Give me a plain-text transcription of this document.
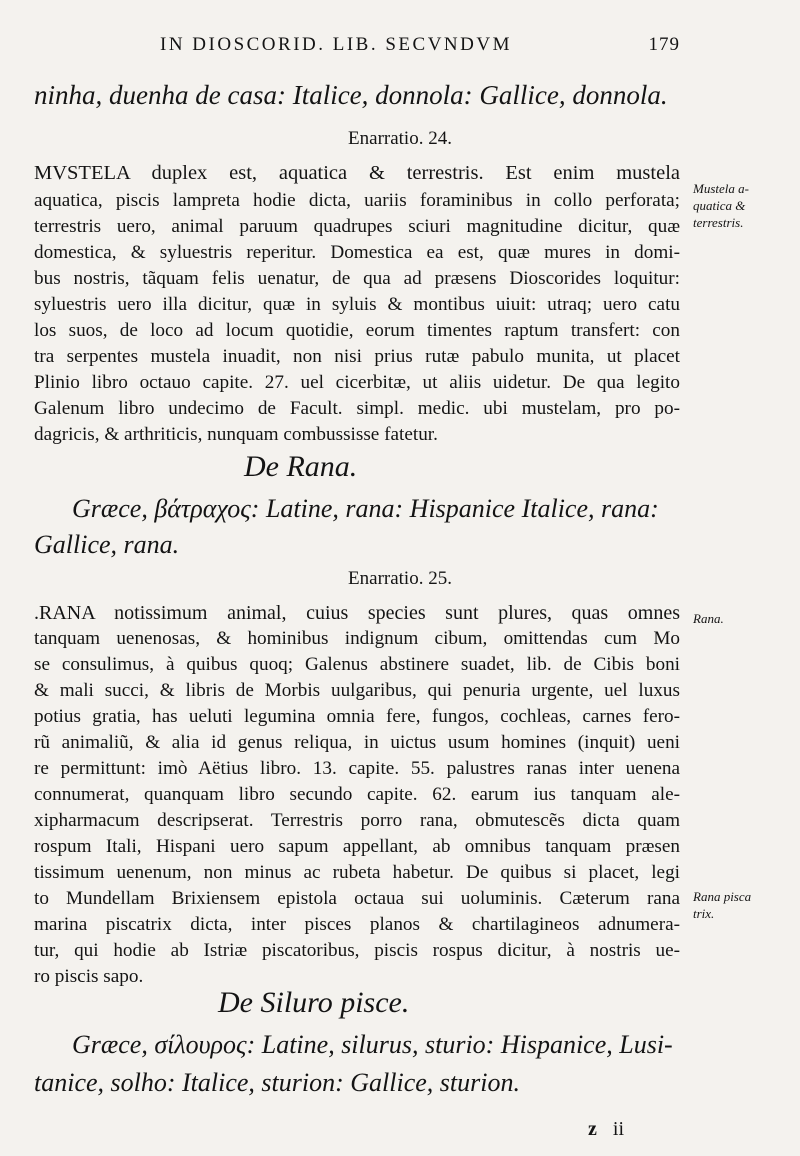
IN DIOSCORID. LIB. SECVNDVM	179
ninha, duenha de casa: Italice, donnola: Gallice, donnola.
Enarratio. 24.
MVSTELA duplex est, aquatica & terrestris. Est enim mustela
aquatica, piscis lampreta hodie dicta, uariis foraminibus in collo perforata;
terrestris uero, animal paruum quadrupes sciuri magnitudine dicitur, quæ
domestica, & syluestris reperitur. Domestica ea est, quæ mures in domi-
bus nostris, tãquam felis uenatur, de qua ad præsens Dioscorides loquitur:
syluestris uero illa dicitur, quæ in syluis & montibus uiuit: utraq; uero catu
los suos, de loco ad locum quotidie, eorum timentes raptum transfert: con
tra serpentes mustela inuadit, non nisi prius rutæ pabulo munita, ut placet
Plinio libro octauo capite. 27. uel cicerbitæ, ut aliis uidetur. De qua legito
Galenum libro undecimo de Facult. simpl. medic. ubi mustelam, pro po-
dagricis, & arthriticis, nunquam combussisse fatetur.
De Rana.
Græce, βάτραχος: Latine, rana: Hispanice Italice, rana:
Gallice, rana.
Enarratio. 25.
.RANA notissimum animal, cuius species sunt plures, quas omnes
tanquam uenenosas, & hominibus indignum cibum, omittendas cum Mo
se consulimus, à quibus quoq; Galenus abstinere suadet, lib. de Cibis boni
& mali succi, & libris de Morbis uulgaribus, qui penuria urgente, uel luxus
potius gratia, has ueluti legumina omnia fere, fungos, cochleas, carnes fero-
rũ animaliũ, & alia id genus reliqua, in uictus usum homines (inquit) ueni
re permittunt: imò Aëtius libro. 13. capite. 55. palustres ranas inter uenena
connumerat, quanquam libro secundo capite. 62. earum ius tanquam ale-
xipharmacum descripserat. Terrestris porro rana, obmutescẽs dicta quam
rospum Itali, Hispani uero sapum appellant, ab omnibus tanquam præsen
tissimum uenenum, non minus ac rubeta habetur. De quibus si placet, legi
to Mundellam Brixiensem epistola octaua sui uoluminis. Cæterum rana
marina piscatrix dicta, inter pisces planos & chartilagineos adnumera-
tur, qui hodie ab Istriæ piscatoribus, piscis rospus dicitur, à nostris ue-
ro piscis sapo.
De Siluro pisce.
Græce, σίλουρος: Latine, silurus, sturio: Hispanice, Lusi-
tanice, solho: Italice, sturion: Gallice, sturion.
Mustela a-
quatica &
terrestris.
Rana.
Rana pisca
trix.
z ii
